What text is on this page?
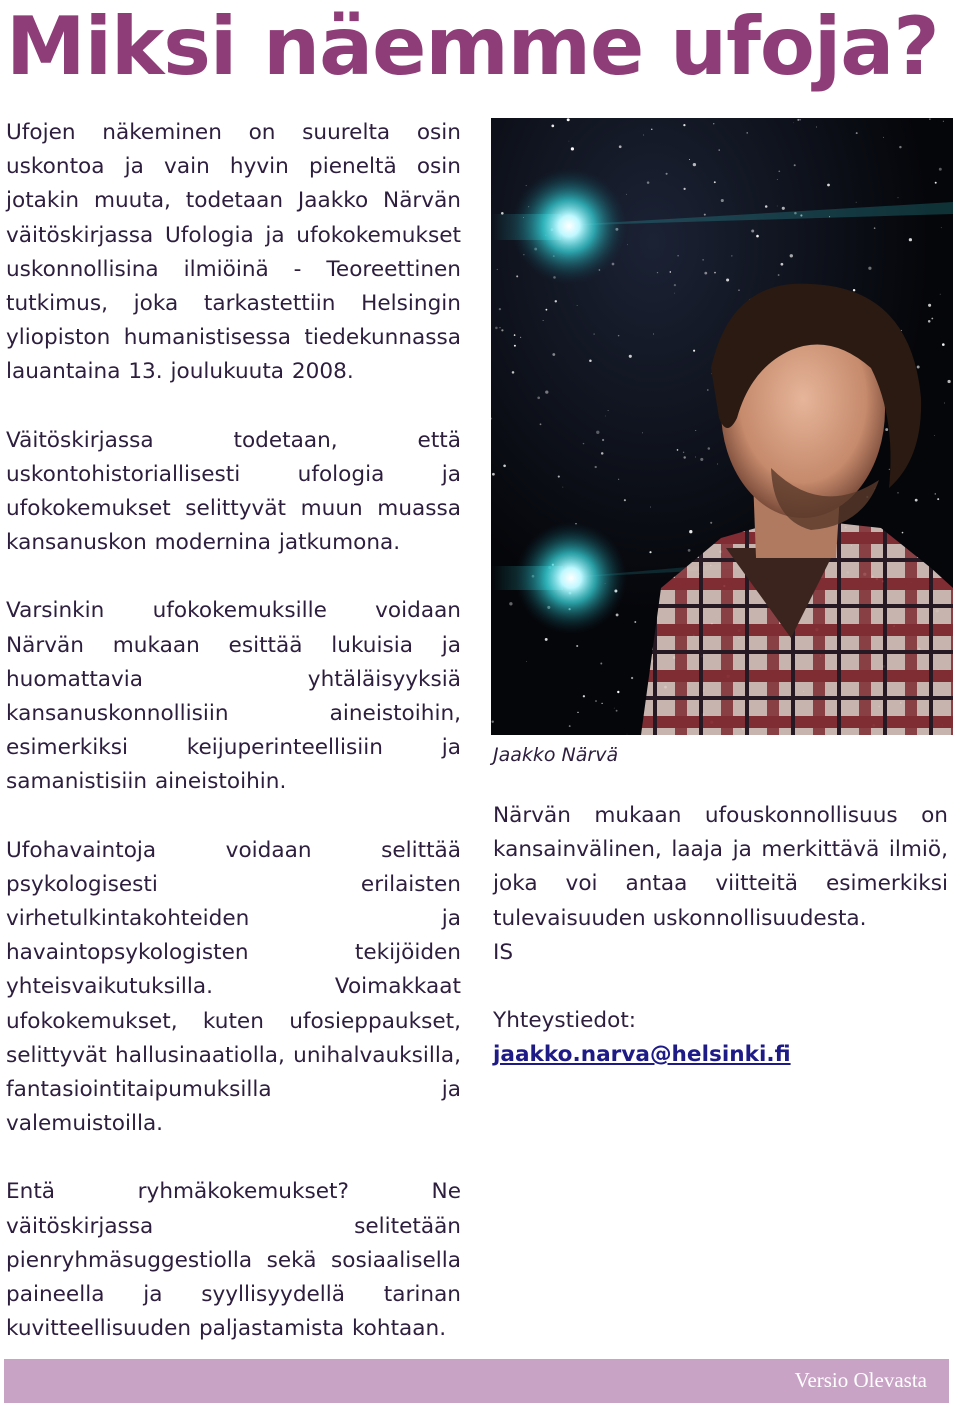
Miksi näemme ufoja?

Ufojen näkeminen on suurelta osin uskontoa ja vain hyvin pieneltä osin jotakin muuta, todetaan Jaakko Närvän väitöskirjassa Ufologia ja ufokokemukset uskonnollisina ilmiöinä - Teoreettinen tutkimus, joka tarkastettiin Helsingin yliopiston humanistisessa tiedekunnassa lauantaina 13. joulukuuta 2008.

Väitöskirjassa todetaan, että uskontohistoriallisesti ufologia ja ufokokemukset selittyvät muun muassa kansanuskon modernina jatkumona.

Varsinkin ufokokemuksille voidaan Närvän mukaan esittää lukuisia ja huomattavia yhtäläisyyksiä kansanuskonnollisiin aineistoihin, esimerkiksi keijuperinteellisiin ja samanistisiin aineistoihin.

Ufohavaintoja voidaan selittää psykologisesti erilaisten virhetulkintakohteiden ja havaintopsykologisten tekijöiden yhteisvaikutuksilla. Voimakkaat ufokokemukset, kuten ufosieppaukset, selittyvät hallusinaatiolla, unihalvauksilla, fantasiointitaipumuksilla ja valemuistoilla.

Entä ryhmäkokemukset? Ne väitöskirjassa selitetään pienryhmäsuggestiolla sekä sosiaalisella paineella ja syyllisyydellä tarinan kuvitteellisuuden paljastamista kohtaan.

Jaakko Närvä

Närvän mukaan ufouskonnollisuus on kansainvälinen, laaja ja merkittävä ilmiö, joka voi antaa viitteitä esimerkiksi tulevaisuuden uskonnollisuudesta.

IS

Yhteystiedot:

jaakko.narva@helsinki.fi

Versio Olevasta
